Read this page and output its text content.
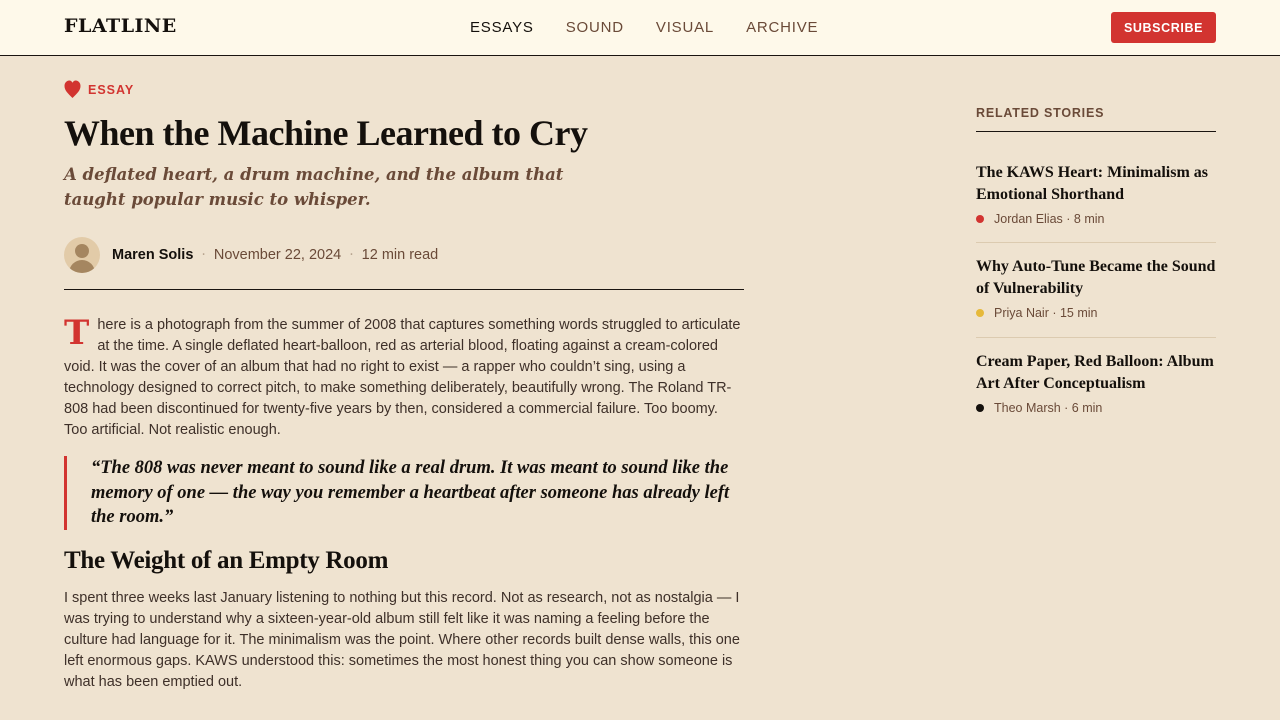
FLATLINE	ESSAYS SOUND VISUAL ARCHIVE	SUBSCRIBE
ESSAY
When the Machine Learned to Cry

A deflated heart, a drum machine, and the album that taught popular music to whisper.

Maren Solis · November 22, 2024 · 12 min read
There is a photograph from the summer of 2008 that captures something words struggled to articulate at the time. A single deflated heart-balloon, red as arterial blood, floating against a cream-colored void. It was the cover of an album that had no right to exist — a rapper who couldn’t sing, using a technology designed to correct pitch, to make something deliberately, beautifully wrong. The Roland TR-808 had been discontinued for twenty-five years by then, considered a commercial failure. Too boomy. Too artificial. Not realistic enough.
“The 808 was never meant to sound like a real drum. It was meant to sound like the memory of one — the way you remember a heartbeat after someone has already left the room.”
The Weight of an Empty Room

I spent three weeks last January listening to nothing but this record. Not as research, not as nostalgia — I was trying to understand why a sixteen-year-old album still felt like it was naming a feeling before the culture had language for it. The minimalism was the point. Where other records built dense walls, this one left enormous gaps. KAWS understood this: sometimes the most honest thing you can show someone is what has been emptied out.

RELATED STORIES
The KAWS Heart: Minimalism as Emotional Shorthand
Jordan Elias · 8 min
Why Auto-Tune Became the Sound of Vulnerability
Priya Nair · 15 min
Cream Paper, Red Balloon: Album Art After Conceptualism
Theo Marsh · 6 min
